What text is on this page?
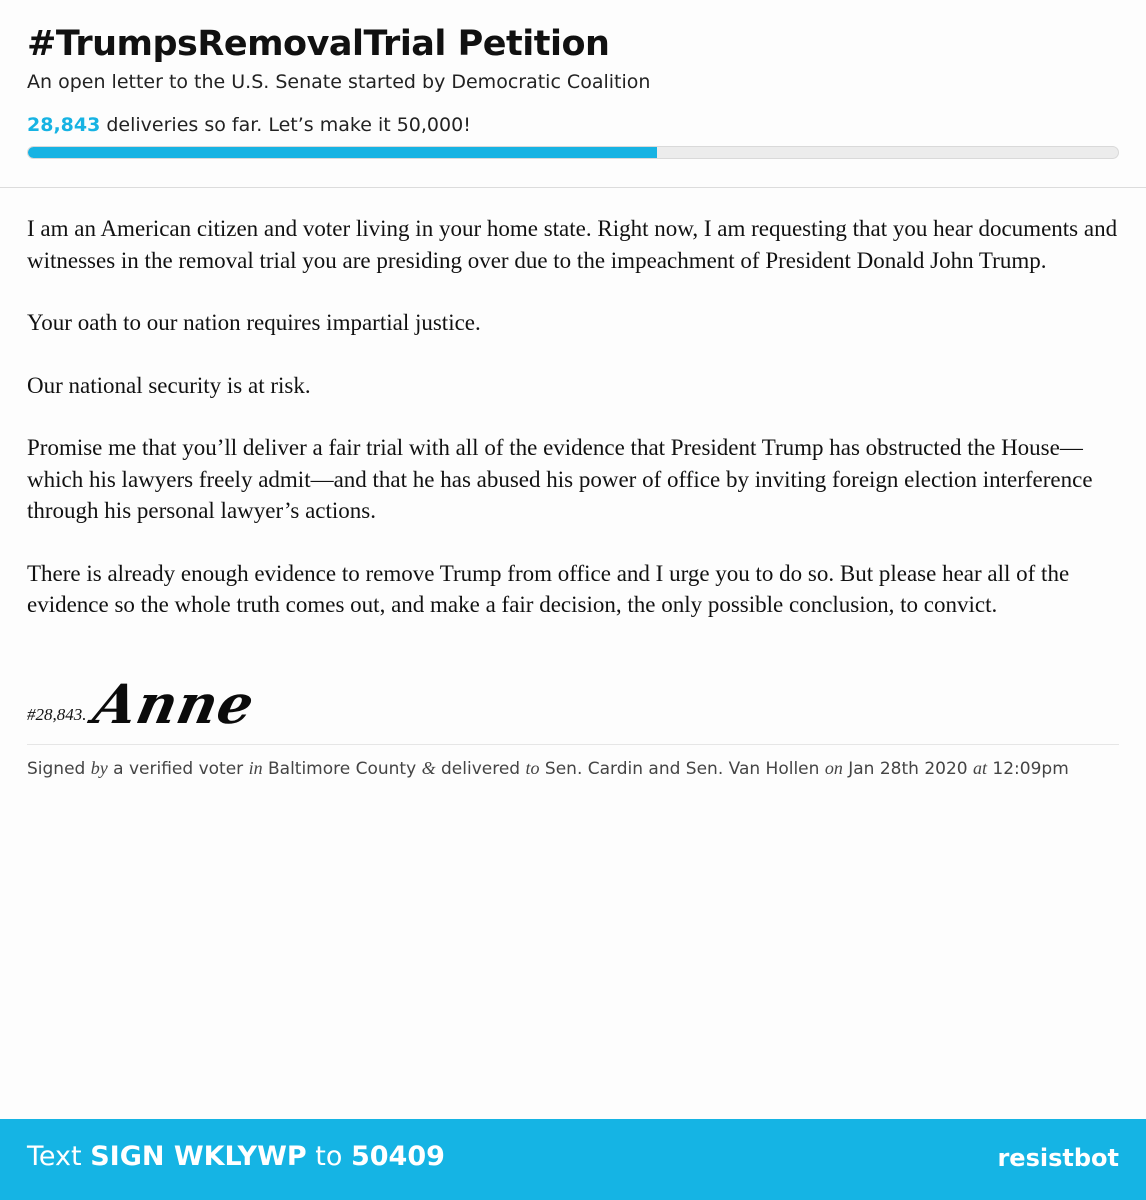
#TrumpsRemovalTrial Petition
An open letter to the U.S. Senate started by Democratic Coalition
28,843 deliveries so far. Let’s make it 50,000!

I am an American citizen and voter living in your home state. Right now, I am requesting that you hear documents and witnesses in the removal trial you are presiding over due to the impeachment of President Donald John Trump.

Your oath to our nation requires impartial justice.

Our national security is at risk.

Promise me that you’ll deliver a fair trial with all of the evidence that President Trump has obstructed the House—which his lawyers freely admit—and that he has abused his power of office by inviting foreign election interference through his personal lawyer’s actions.

There is already enough evidence to remove Trump from office and I urge you to do so. But please hear all of the evidence so the whole truth comes out, and make a fair decision, the only possible conclusion, to convict.

#28,843. Anne
Signed by a verified voter in Baltimore County & delivered to Sen. Cardin and Sen. Van Hollen on Jan 28th 2020 at 12:09pm
Text SIGN WKLYWP to 50409	resistbot
